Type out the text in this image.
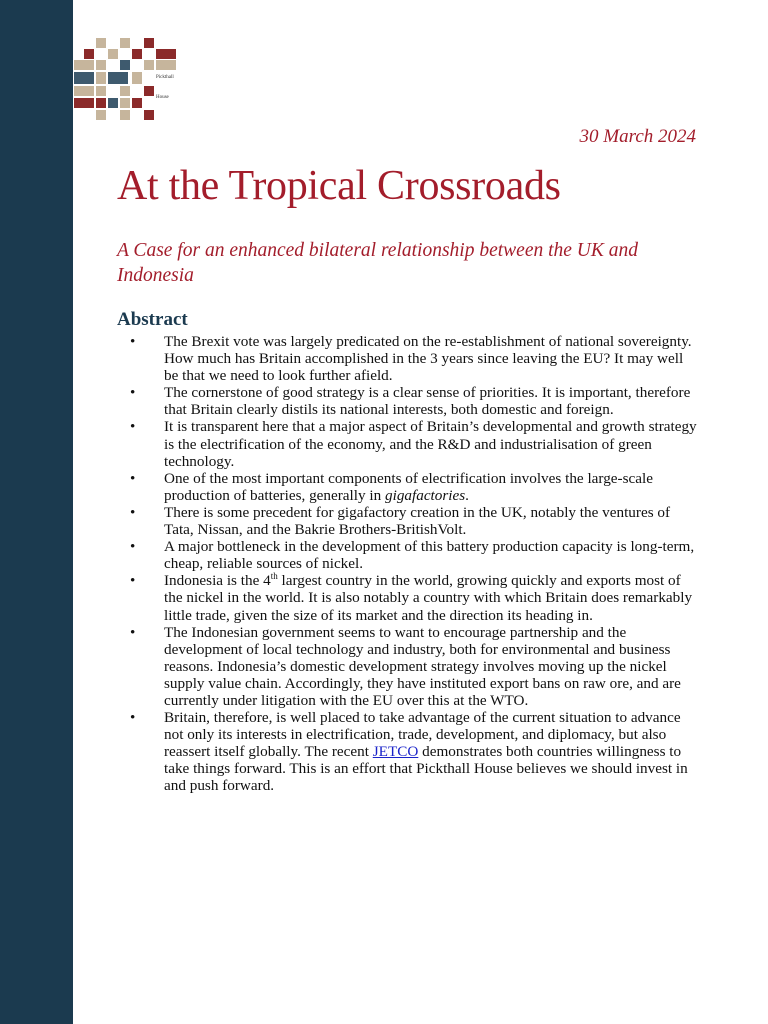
Pickthall
House
30 March 2024
At the Tropical Crossroads

A Case for an enhanced bilateral relationship between the UK and Indonesia

Abstract
• The Brexit vote was largely predicated on the re-establishment of national sovereignty. How much has Britain accomplished in the 3 years since leaving the EU? It may well be that we need to look further afield.
• The cornerstone of good strategy is a clear sense of priorities. It is important, therefore that Britain clearly distils its national interests, both domestic and foreign.
• It is transparent here that a major aspect of Britain’s developmental and growth strategy is the electrification of the economy, and the R&D and industrialisation of green technology.
• One of the most important components of electrification involves the large-scale production of batteries, generally in gigafactories.
• There is some precedent for gigafactory creation in the UK, notably the ventures of Tata, Nissan, and the Bakrie Brothers-BritishVolt.
• A major bottleneck in the development of this battery production capacity is long-term, cheap, reliable sources of nickel.
• Indonesia is the 4th largest country in the world, growing quickly and exports most of the nickel in the world. It is also notably a country with which Britain does remarkably little trade, given the size of its market and the direction its heading in.
• The Indonesian government seems to want to encourage partnership and the development of local technology and industry, both for environmental and business reasons. Indonesia’s domestic development strategy involves moving up the nickel supply value chain. Accordingly, they have instituted export bans on raw ore, and are currently under litigation with the EU over this at the WTO.
• Britain, therefore, is well placed to take advantage of the current situation to advance not only its interests in electrification, trade, development, and diplomacy, but also reassert itself globally. The recent JETCO demonstrates both countries willingness to take things forward. This is an effort that Pickthall House believes we should invest in and push forward.
